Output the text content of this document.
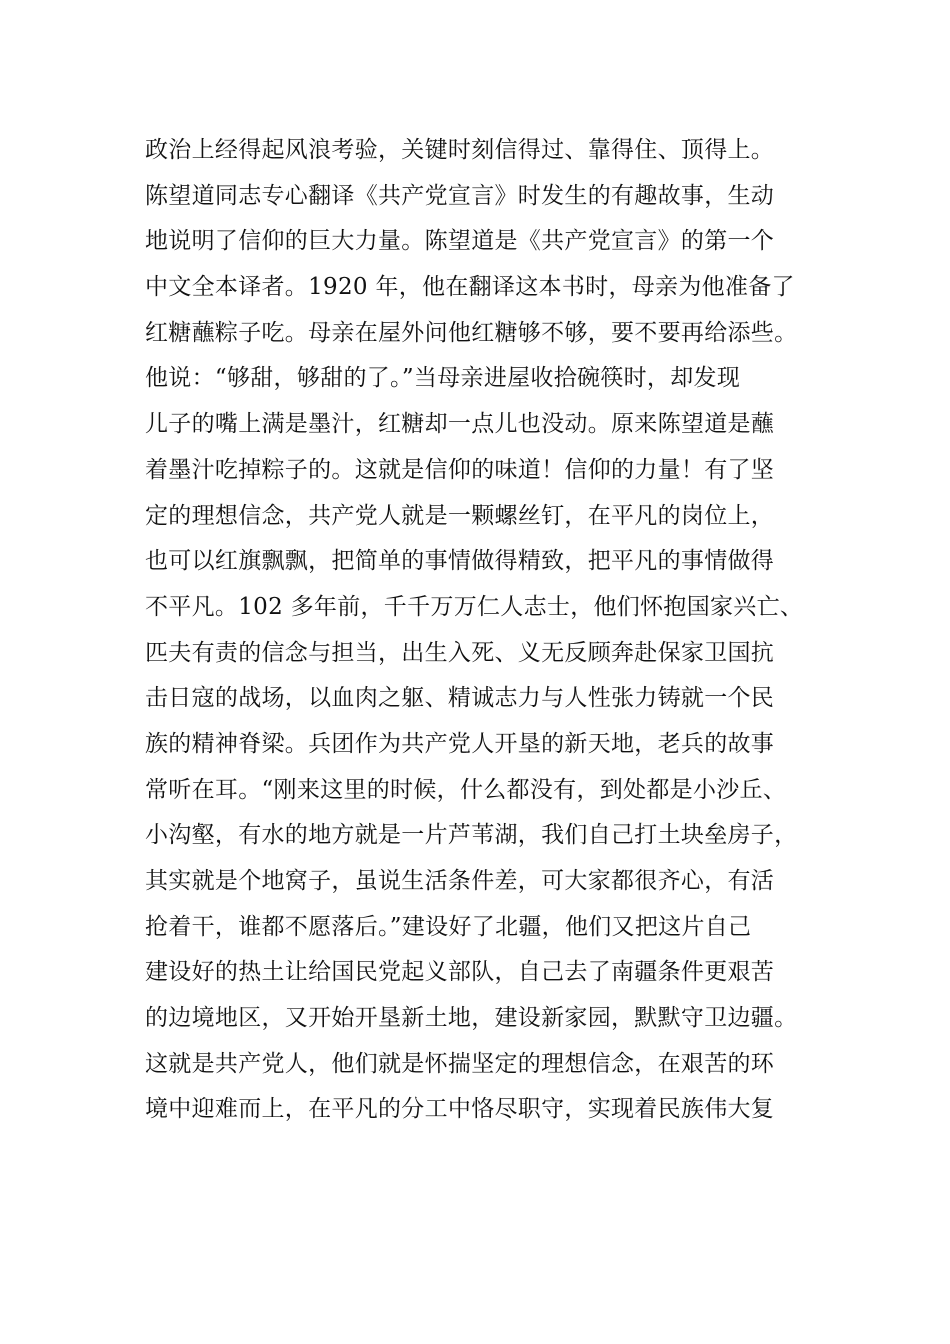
政治上经得起风浪考验，关键时刻信得过、靠得住、顶得上。
陈望道同志专心翻译《共产党宣言》时发生的有趣故事，生动
地说明了信仰的巨大力量。陈望道是《共产党宣言》的第一个
中文全本译者。1920 年，他在翻译这本书时，母亲为他准备了
红糖蘸粽子吃。母亲在屋外问他红糖够不够，要不要再给添些。
他说：“够甜，够甜的了。”当母亲进屋收拾碗筷时，却发现
儿子的嘴上满是墨汁，红糖却一点儿也没动。原来陈望道是蘸
着墨汁吃掉粽子的。这就是信仰的味道！信仰的力量！有了坚
定的理想信念，共产党人就是一颗螺丝钉，在平凡的岗位上，
也可以红旗飘飘，把简单的事情做得精致，把平凡的事情做得
不平凡。102 多年前，千千万万仁人志士，他们怀抱国家兴亡、
匹夫有责的信念与担当，出生入死、义无反顾奔赴保家卫国抗
击日寇的战场，以血肉之躯、精诚志力与人性张力铸就一个民
族的精神脊梁。兵团作为共产党人开垦的新天地，老兵的故事
常听在耳。“刚来这里的时候，什么都没有，到处都是小沙丘、
小沟壑，有水的地方就是一片芦苇湖，我们自己打土块垒房子，
其实就是个地窝子，虽说生活条件差，可大家都很齐心，有活
抢着干，谁都不愿落后。”建设好了北疆，他们又把这片自己
建设好的热土让给国民党起义部队，自己去了南疆条件更艰苦
的边境地区，又开始开垦新土地，建设新家园，默默守卫边疆。
这就是共产党人，他们就是怀揣坚定的理想信念，在艰苦的环
境中迎难而上，在平凡的分工中恪尽职守，实现着民族伟大复
